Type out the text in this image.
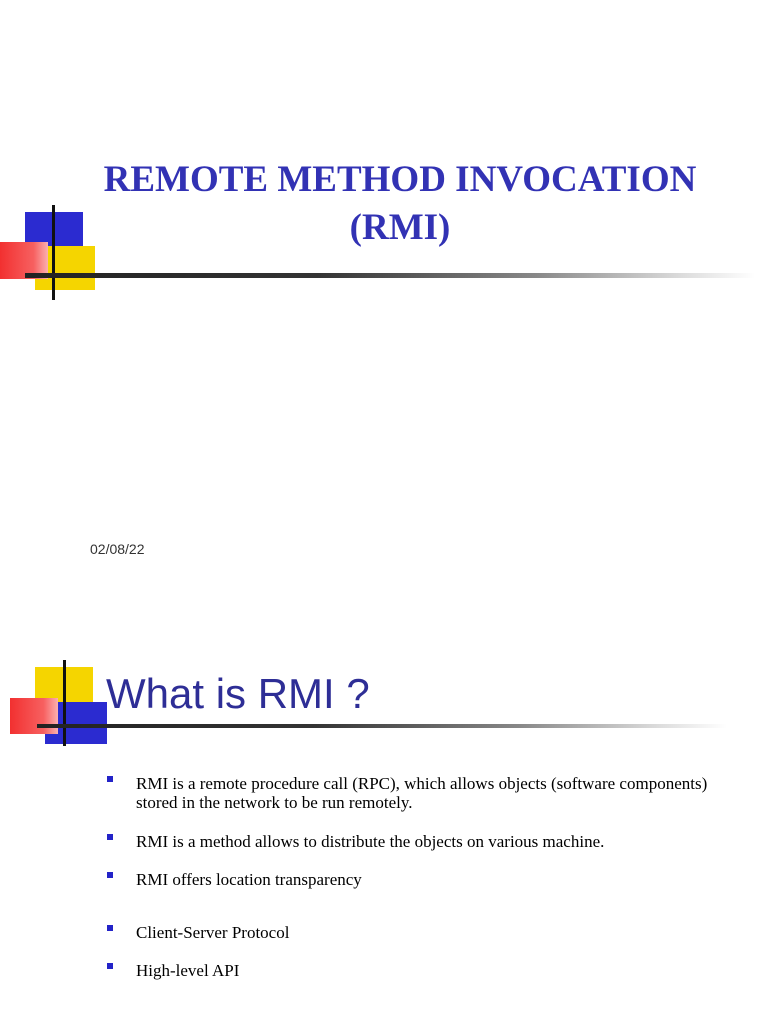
REMOTE METHOD INVOCATION
(RMI)
02/08/22
What is RMI ?
RMI is a remote procedure call (RPC), which allows objects (software components) stored in the network to be run remotely.
RMI is a method allows to distribute the objects on various machine.
RMI offers location transparency
Client-Server Protocol
High-level API
